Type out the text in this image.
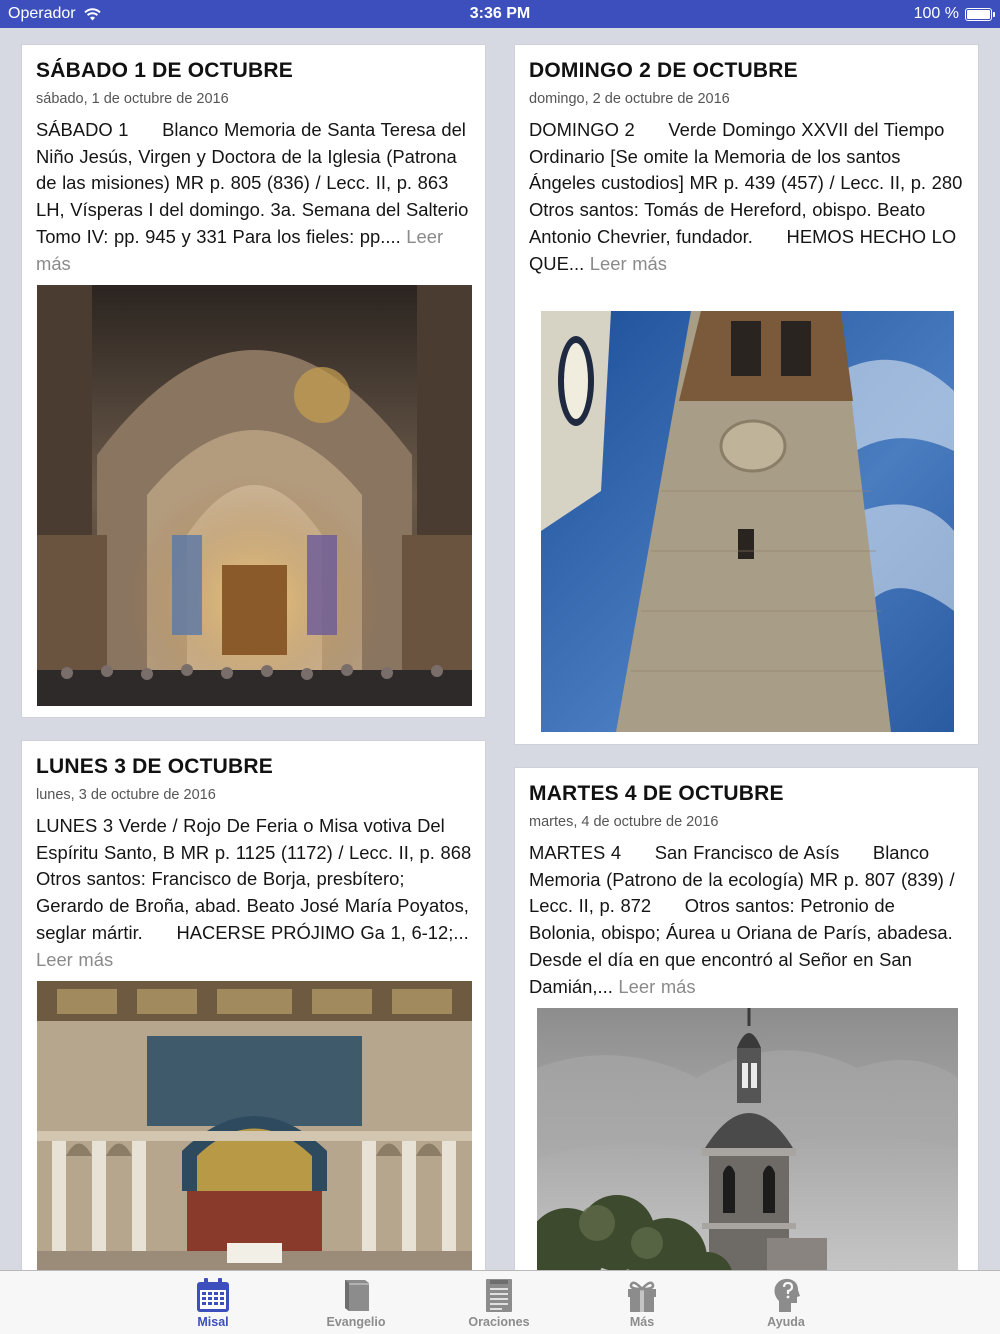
Operador	3:36 PM	100 %
SÁBADO 1 DE OCTUBRE
sábado, 1 de octubre de 2016
SÁBADO 1      Blanco Memoria de Santa Teresa del Niño Jesús, Virgen y Doctora de la Iglesia (Patrona de las misiones) MR p. 805 (836) / Lecc. II, p. 863 LH, Vísperas I del domingo. 3a. Semana del Salterio Tomo IV: pp. 945 y 331 Para los fieles: pp.... Leer más
DOMINGO 2 DE OCTUBRE
domingo, 2 de octubre de 2016
DOMINGO 2      Verde Domingo XXVII del Tiempo Ordinario [Se omite la Memoria de los santos Ángeles custodios] MR p. 439 (457) / Lecc. II, p. 280      Otros santos: Tomás de Hereford, obispo. Beato Antonio Chevrier, fundador.      HEMOS HECHO LO QUE... Leer más
LUNES 3 DE OCTUBRE
lunes, 3 de octubre de 2016
LUNES 3 Verde / Rojo De Feria o Misa votiva Del Espíritu Santo, B MR p. 1125 (1172) / Lecc. II, p. 868      Otros santos: Francisco de Borja, presbítero; Gerardo de Broña, abad. Beato José María Poyatos, seglar mártir.      HACERSE PRÓJIMO Ga 1, 6-12;... Leer más
MARTES 4 DE OCTUBRE
martes, 4 de octubre de 2016
MARTES 4      San Francisco de Asís      Blanco Memoria (Patrono de la ecología) MR p. 807 (839) / Lecc. II, p. 872      Otros santos: Petronio de Bolonia, obispo; Áurea u Oriana de París, abadesa.      Desde el día en que encontró al Señor en San Damián,... Leer más
Misal	Evangelio	Oraciones	Más	Ayuda
